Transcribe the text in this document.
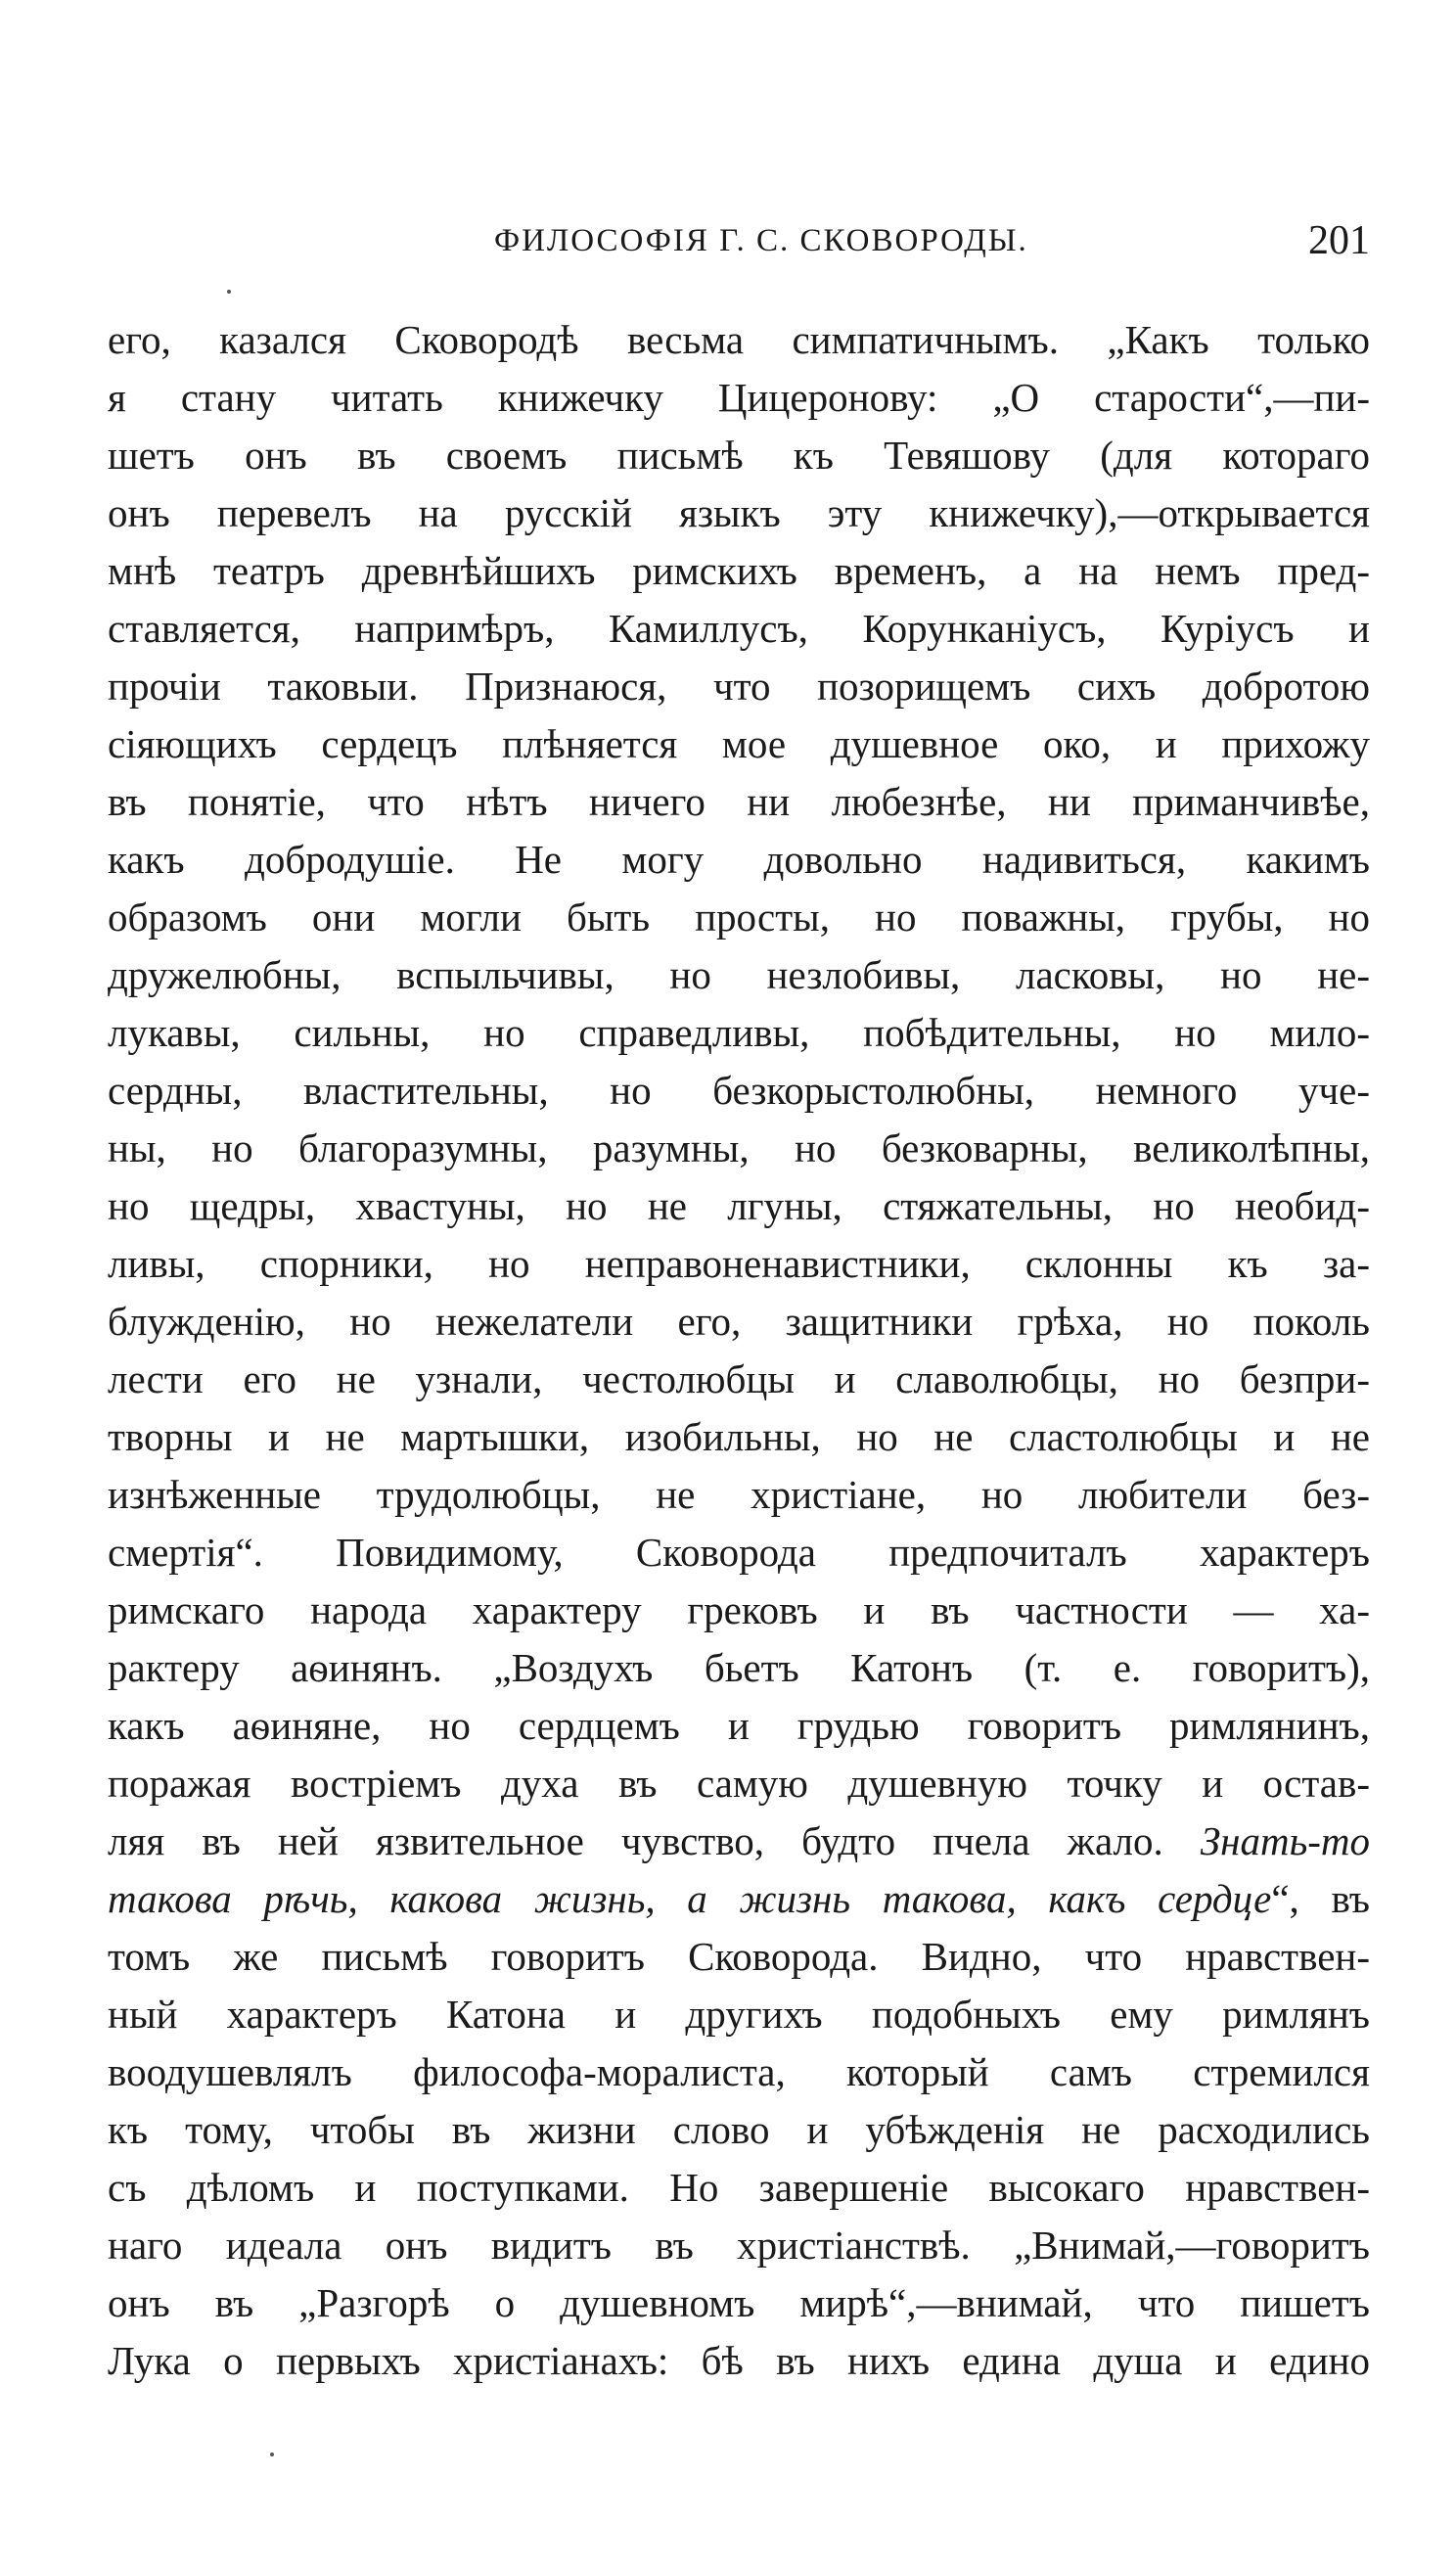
ФИЛОСОФІЯ Г. С. СКОВОРОДЫ.	201
его, казался Сковородѣ весьма симпатичнымъ. „Какъ только
я стану читать книжечку Цицеронову: „О старости“,—пи-
шетъ онъ въ своемъ письмѣ къ Тевяшову (для котораго
онъ перевелъ на русскій языкъ эту книжечку),—открывается
мнѣ театръ древнѣйшихъ римскихъ временъ, а на немъ пред-
ставляется, напримѣръ, Камиллусъ, Корунканіусъ, Куріусъ и
прочіи таковыи. Признаюся, что позорищемъ сихъ добротою
сіяющихъ сердецъ плѣняется мое душевное око, и прихожу
въ понятіе, что нѣтъ ничего ни любезнѣе, ни приманчивѣе,
какъ добродушіе. Не могу довольно надивиться, какимъ
образомъ они могли быть просты, но поважны, грубы, но
дружелюбны, вспыльчивы, но незлобивы, ласковы, но не-
лукавы, сильны, но справедливы, побѣдительны, но мило-
сердны, властительны, но безкорыстолюбны, немного уче-
ны, но благоразумны, разумны, но безковарны, великолѣпны,
но щедры, хвастуны, но не лгуны, стяжательны, но необид-
ливы, спорники, но неправоненавистники, склонны къ за-
блужденію, но нежелатели его, защитники грѣха, но поколь
лести его не узнали, честолюбцы и славолюбцы, но безпри-
творны и не мартышки, изобильны, но не сластолюбцы и не
изнѣженные трудолюбцы, не христіане, но любители без-
смертія“. Повидимому, Сковорода предпочиталъ характеръ
римскаго народа характеру грековъ и въ частности — ха-
рактеру аѳинянъ. „Воздухъ бьетъ Катонъ (т. е. говоритъ),
какъ аѳиняне, но сердцемъ и грудью говоритъ римлянинъ,
поражая востріемъ духа въ самую душевную точку и остав-
ляя въ ней язвительное чувство, будто пчела жало. Знать-то
такова рѣчь, какова жизнь, а жизнь такова, какъ сердце“, въ
томъ же письмѣ говоритъ Сковорода. Видно, что нравствен-
ный характеръ Катона и другихъ подобныхъ ему римлянъ
воодушевлялъ философа-моралиста, который самъ стремился
къ тому, чтобы въ жизни слово и убѣжденія не расходились
съ дѣломъ и поступками. Но завершеніе высокаго нравствен-
наго идеала онъ видитъ въ христіанствѣ. „Внимай,—говоритъ
онъ въ „Разгорѣ о душевномъ мирѣ“,—внимай, что пишетъ
Лука о первыхъ христіанахъ: бѣ въ нихъ едина душа и едино
